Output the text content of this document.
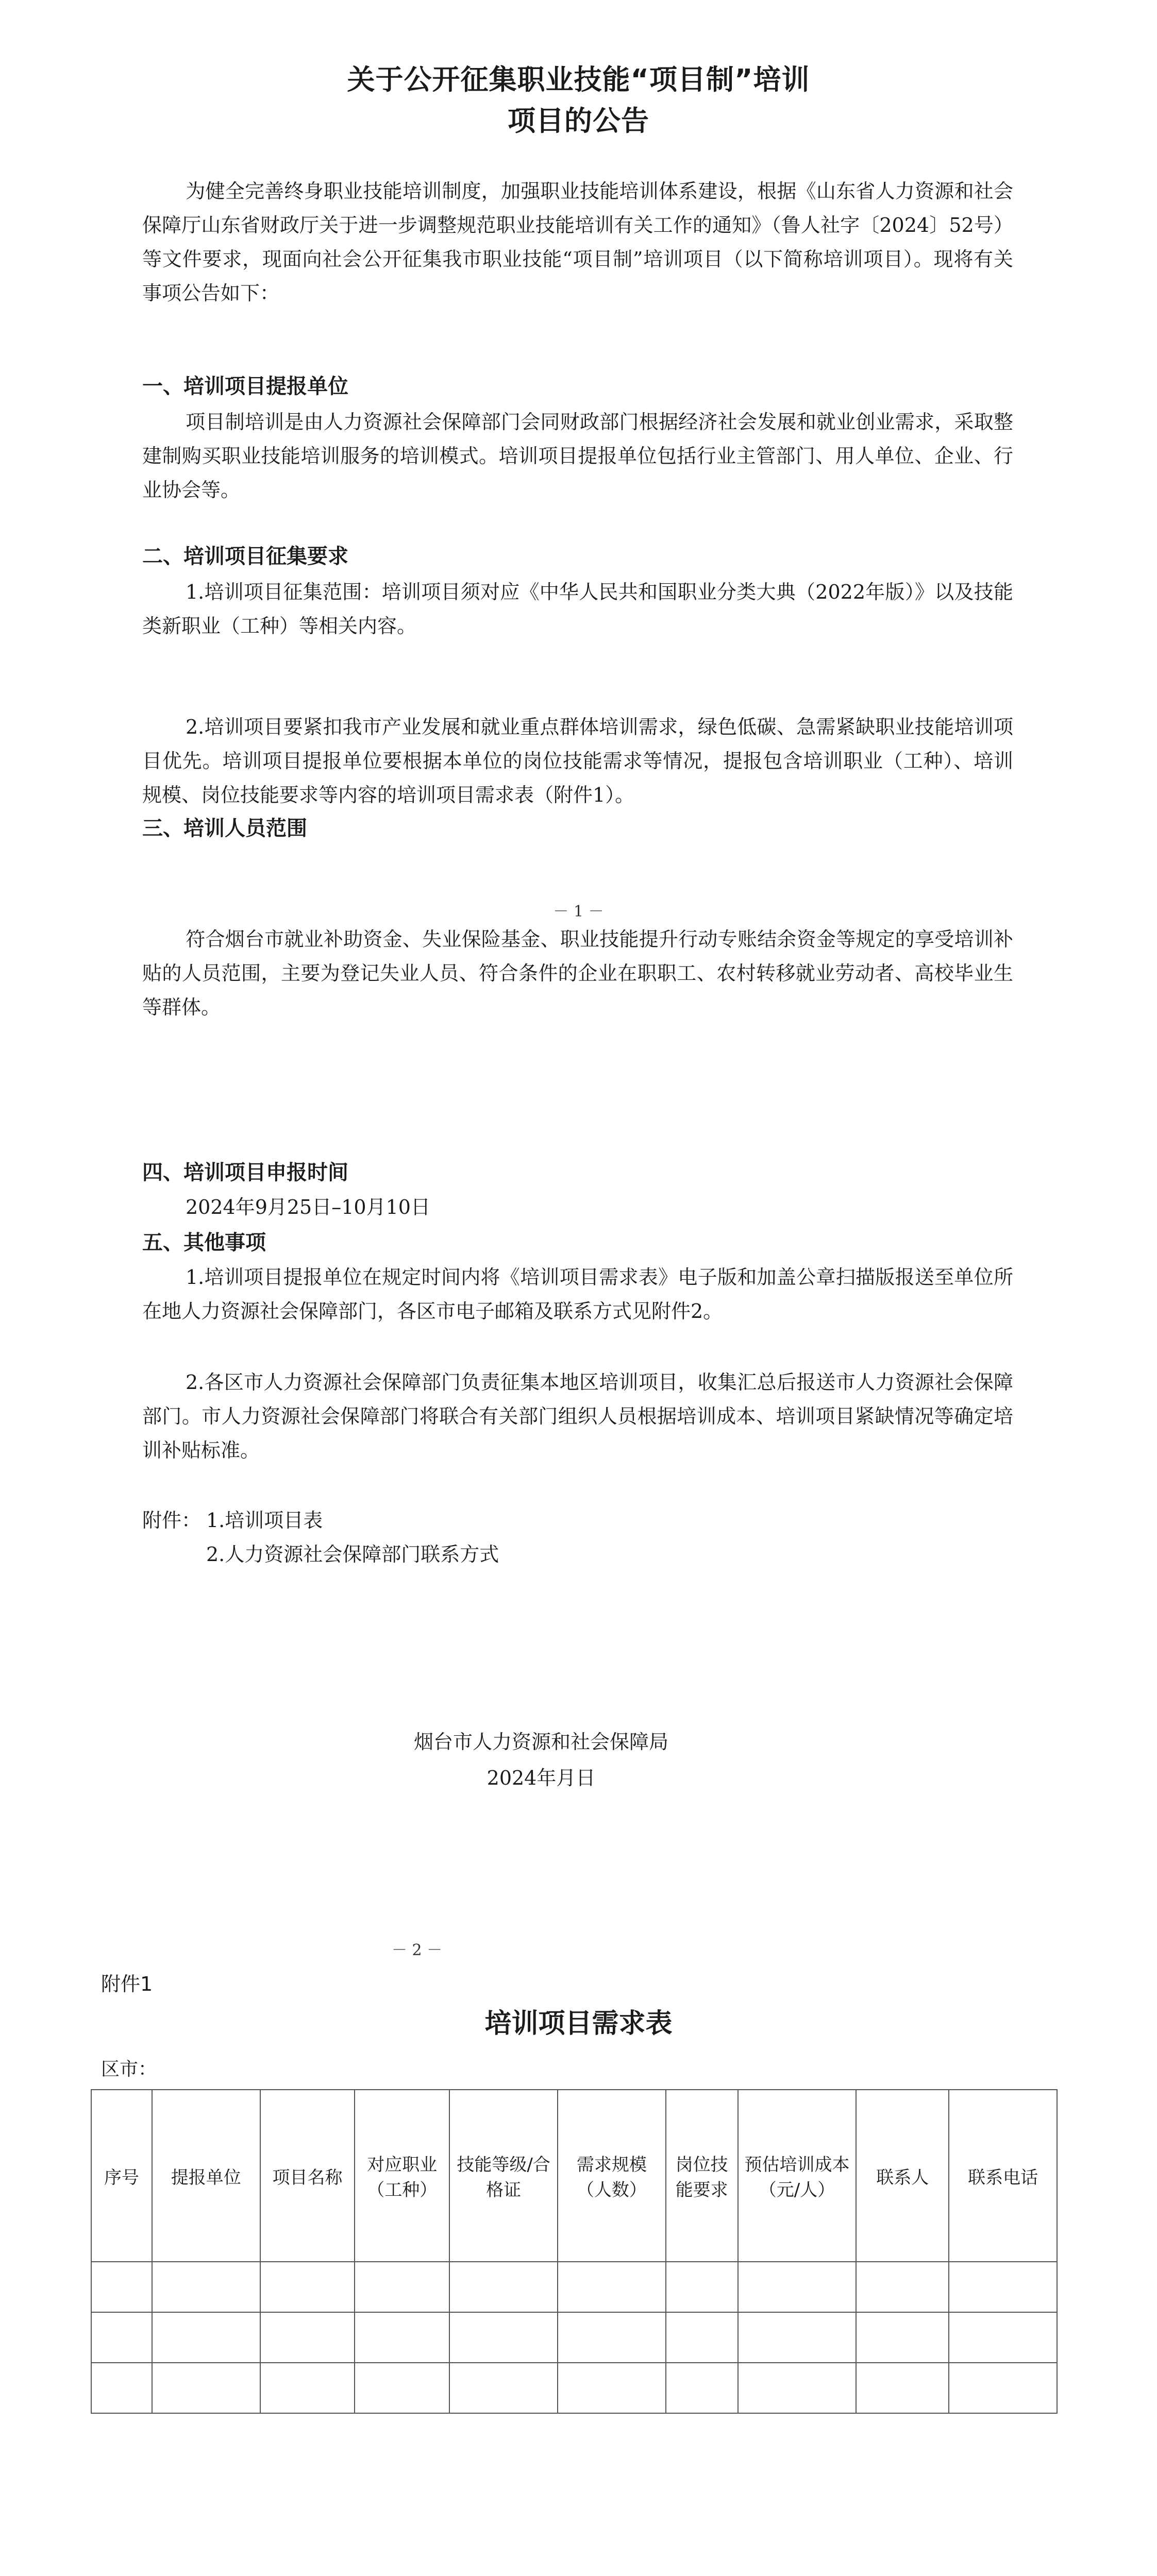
关于公开征集职业技能“项目制”培训
项目的公告
为健全完善终身职业技能培训制度，加强职业技能培训体系建设，根据《山东省人力资源和社会保障厅山东省财政厅关于进一步调整规范职业技能培训有关工作的通知》（鲁人社字〔2024〕52号）等文件要求，现面向社会公开征集我市职业技能“项目制”培训项目（以下简称培训项目）。现将有关事项公告如下：
一、培训项目提报单位
项目制培训是由人力资源社会保障部门会同财政部门根据经济社会发展和就业创业需求，采取整建制购买职业技能培训服务的培训模式。培训项目提报单位包括行业主管部门、用人单位、企业、行业协会等。
二、培训项目征集要求
1.培训项目征集范围：培训项目须对应《中华人民共和国职业分类大典（2022年版）》以及技能类新职业（工种）等相关内容。
2.培训项目要紧扣我市产业发展和就业重点群体培训需求，绿色低碳、急需紧缺职业技能培训项目优先。培训项目提报单位要根据本单位的岗位技能需求等情况，提报包含培训职业（工种）、培训规模、岗位技能要求等内容的培训项目需求表（附件1）。
三、培训人员范围
－ 1 －
符合烟台市就业补助资金、失业保险基金、职业技能提升行动专账结余资金等规定的享受培训补贴的人员范围，主要为登记失业人员、符合条件的企业在职职工、农村转移就业劳动者、高校毕业生等群体。
四、培训项目申报时间
2024年9月25日–10月10日
五、其他事项
1.培训项目提报单位在规定时间内将《培训项目需求表》电子版和加盖公章扫描版报送至单位所在地人力资源社会保障部门，各区市电子邮箱及联系方式见附件2。
2.各区市人力资源社会保障部门负责征集本地区培训项目，收集汇总后报送市人力资源社会保障部门。市人力资源社会保障部门将联合有关部门组织人员根据培训成本、培训项目紧缺情况等确定培训补贴标准。
附件： 1.培训项目表
2.人力资源社会保障部门联系方式
烟台市人力资源和社会保障局
2024年月日
－ 2 －
附件1
培训项目需求表
区市：
序号	提报单位	项目名称	对应职业（工种）	技能等级/合格证	需求规模（人数）	岗位技能要求	预估培训成本（元/人）	联系人	联系电话
